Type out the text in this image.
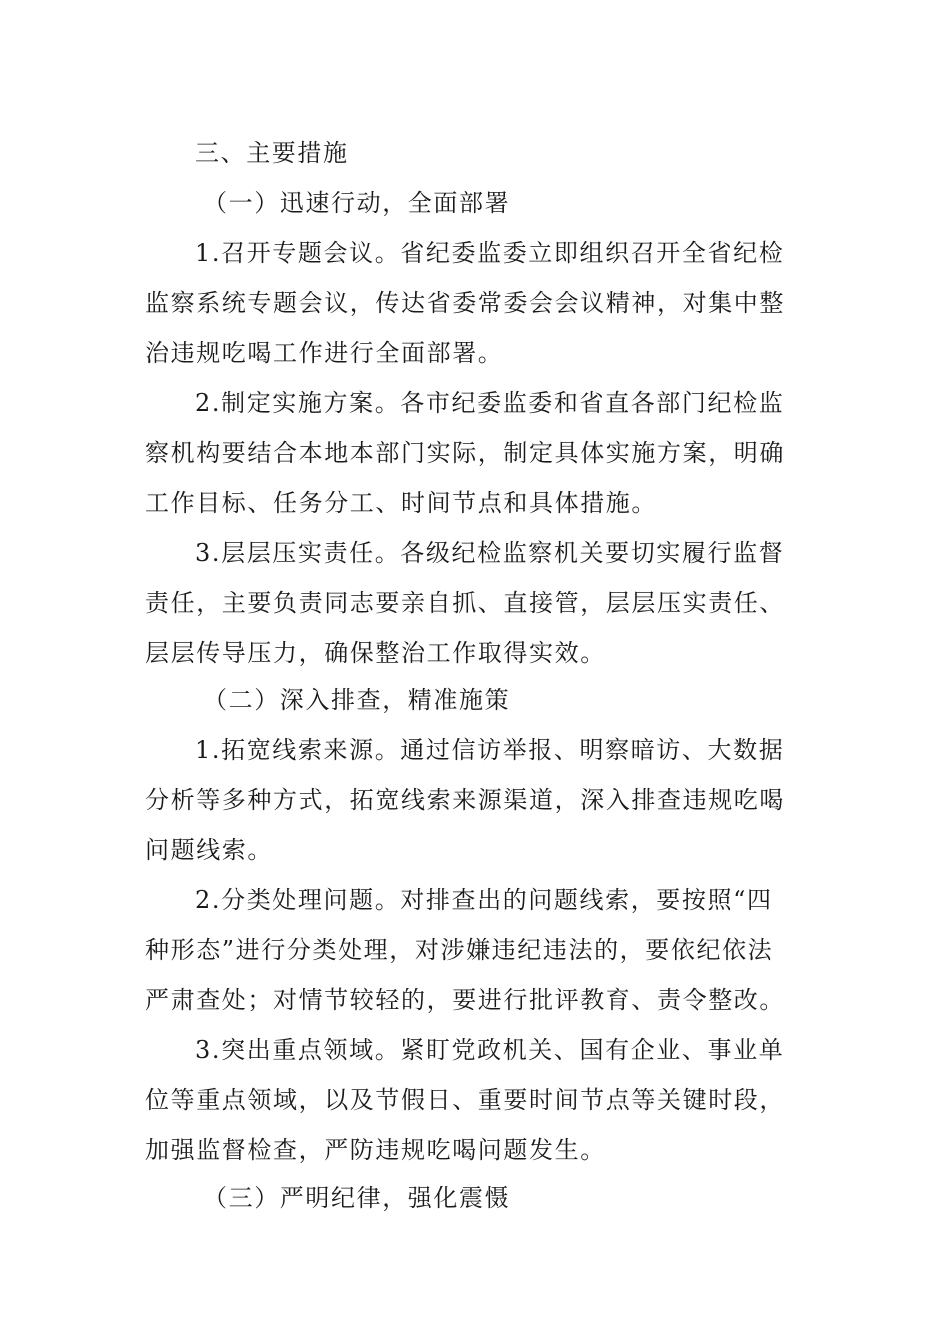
三、主要措施
（一）迅速行动，全面部署
1.召开专题会议。省纪委监委立即组织召开全省纪检
监察系统专题会议，传达省委常委会会议精神，对集中整
治违规吃喝工作进行全面部署。
2.制定实施方案。各市纪委监委和省直各部门纪检监
察机构要结合本地本部门实际，制定具体实施方案，明确
工作目标、任务分工、时间节点和具体措施。
3.层层压实责任。各级纪检监察机关要切实履行监督
责任，主要负责同志要亲自抓、直接管，层层压实责任、
层层传导压力，确保整治工作取得实效。
（二）深入排查，精准施策
1.拓宽线索来源。通过信访举报、明察暗访、大数据
分析等多种方式，拓宽线索来源渠道，深入排查违规吃喝
问题线索。
2.分类处理问题。对排查出的问题线索，要按照“四
种形态”进行分类处理，对涉嫌违纪违法的，要依纪依法
严肃查处；对情节较轻的，要进行批评教育、责令整改。
3.突出重点领域。紧盯党政机关、国有企业、事业单
位等重点领域，以及节假日、重要时间节点等关键时段，
加强监督检查，严防违规吃喝问题发生。
（三）严明纪律，强化震慑
